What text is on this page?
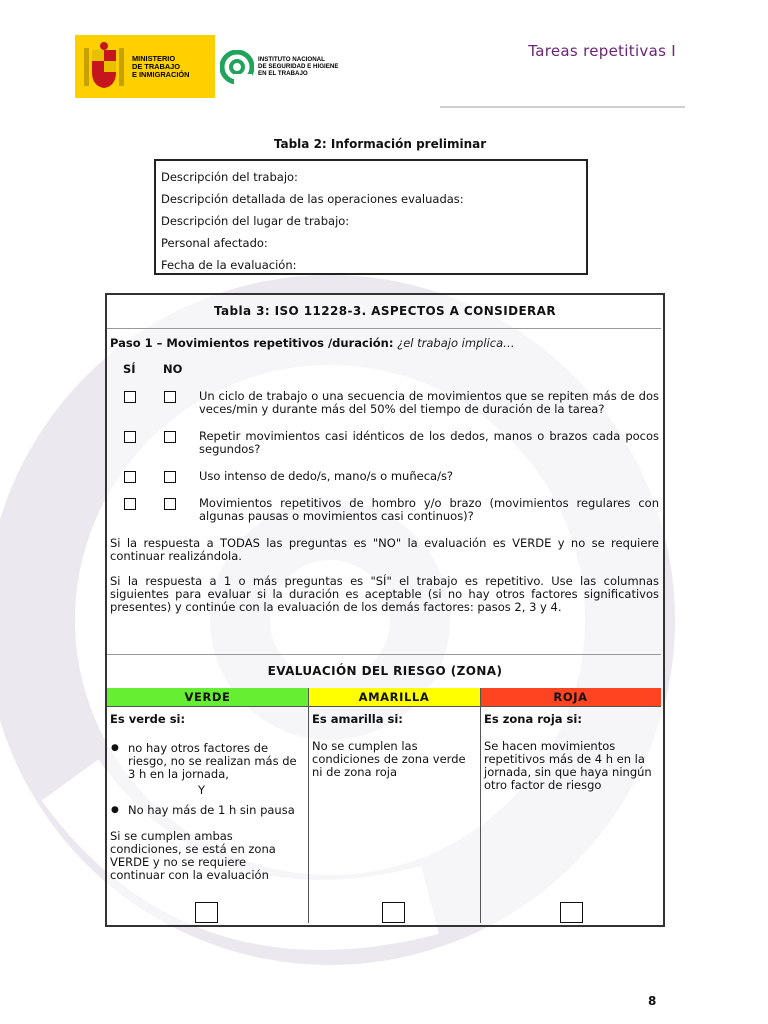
MINISTERIO
DE TRABAJO
E INMIGRACIÓN
INSTITUTO NACIONAL
DE SEGURIDAD E HIGIENE
EN EL TRABAJO
Tareas repetitivas I
Tabla 2: Información preliminar
Descripción del trabajo:
Descripción detallada de las operaciones evaluadas:
Descripción del lugar de trabajo:
Personal afectado:
Fecha de la evaluación:
Tabla 3: ISO 11228-3. ASPECTOS A CONSIDERAR
Paso 1 – Movimientos repetitivos /duración: ¿el trabajo implica…
SÍ NO
Un ciclo de trabajo o una secuencia de movimientos que se repiten más de dos veces/min y durante más del 50% del tiempo de duración de la tarea?
Repetir movimientos casi idénticos de los dedos, manos o brazos cada pocos segundos?
Uso intenso de dedo/s, mano/s o muñeca/s?
Movimientos repetitivos de hombro y/o brazo (movimientos regulares con algunas pausas o movimientos casi continuos)?
Si la respuesta a TODAS las preguntas es "NO" la evaluación es VERDE y no se requiere continuar realizándola.
Si la respuesta a 1 o más preguntas es "SÍ" el trabajo es repetitivo. Use las columnas siguientes para evaluar si la duración es aceptable (si no hay otros factores significativos presentes) y continúe con la evaluación de los demás factores: pasos 2, 3 y 4.
EVALUACIÓN DEL RIESGO (ZONA)
VERDE	AMARILLA	ROJA
Es verde si:
● no hay otros factores de riesgo, no se realizan más de 3 h en la jornada,
Y
● No hay más de 1 h sin pausa
Si se cumplen ambas condiciones, se está en zona VERDE y no se requiere continuar con la evaluación
Es amarilla si:
No se cumplen las condiciones de zona verde ni de zona roja
Es zona roja si:
Se hacen movimientos repetitivos más de 4 h en la jornada, sin que haya ningún otro factor de riesgo
8
